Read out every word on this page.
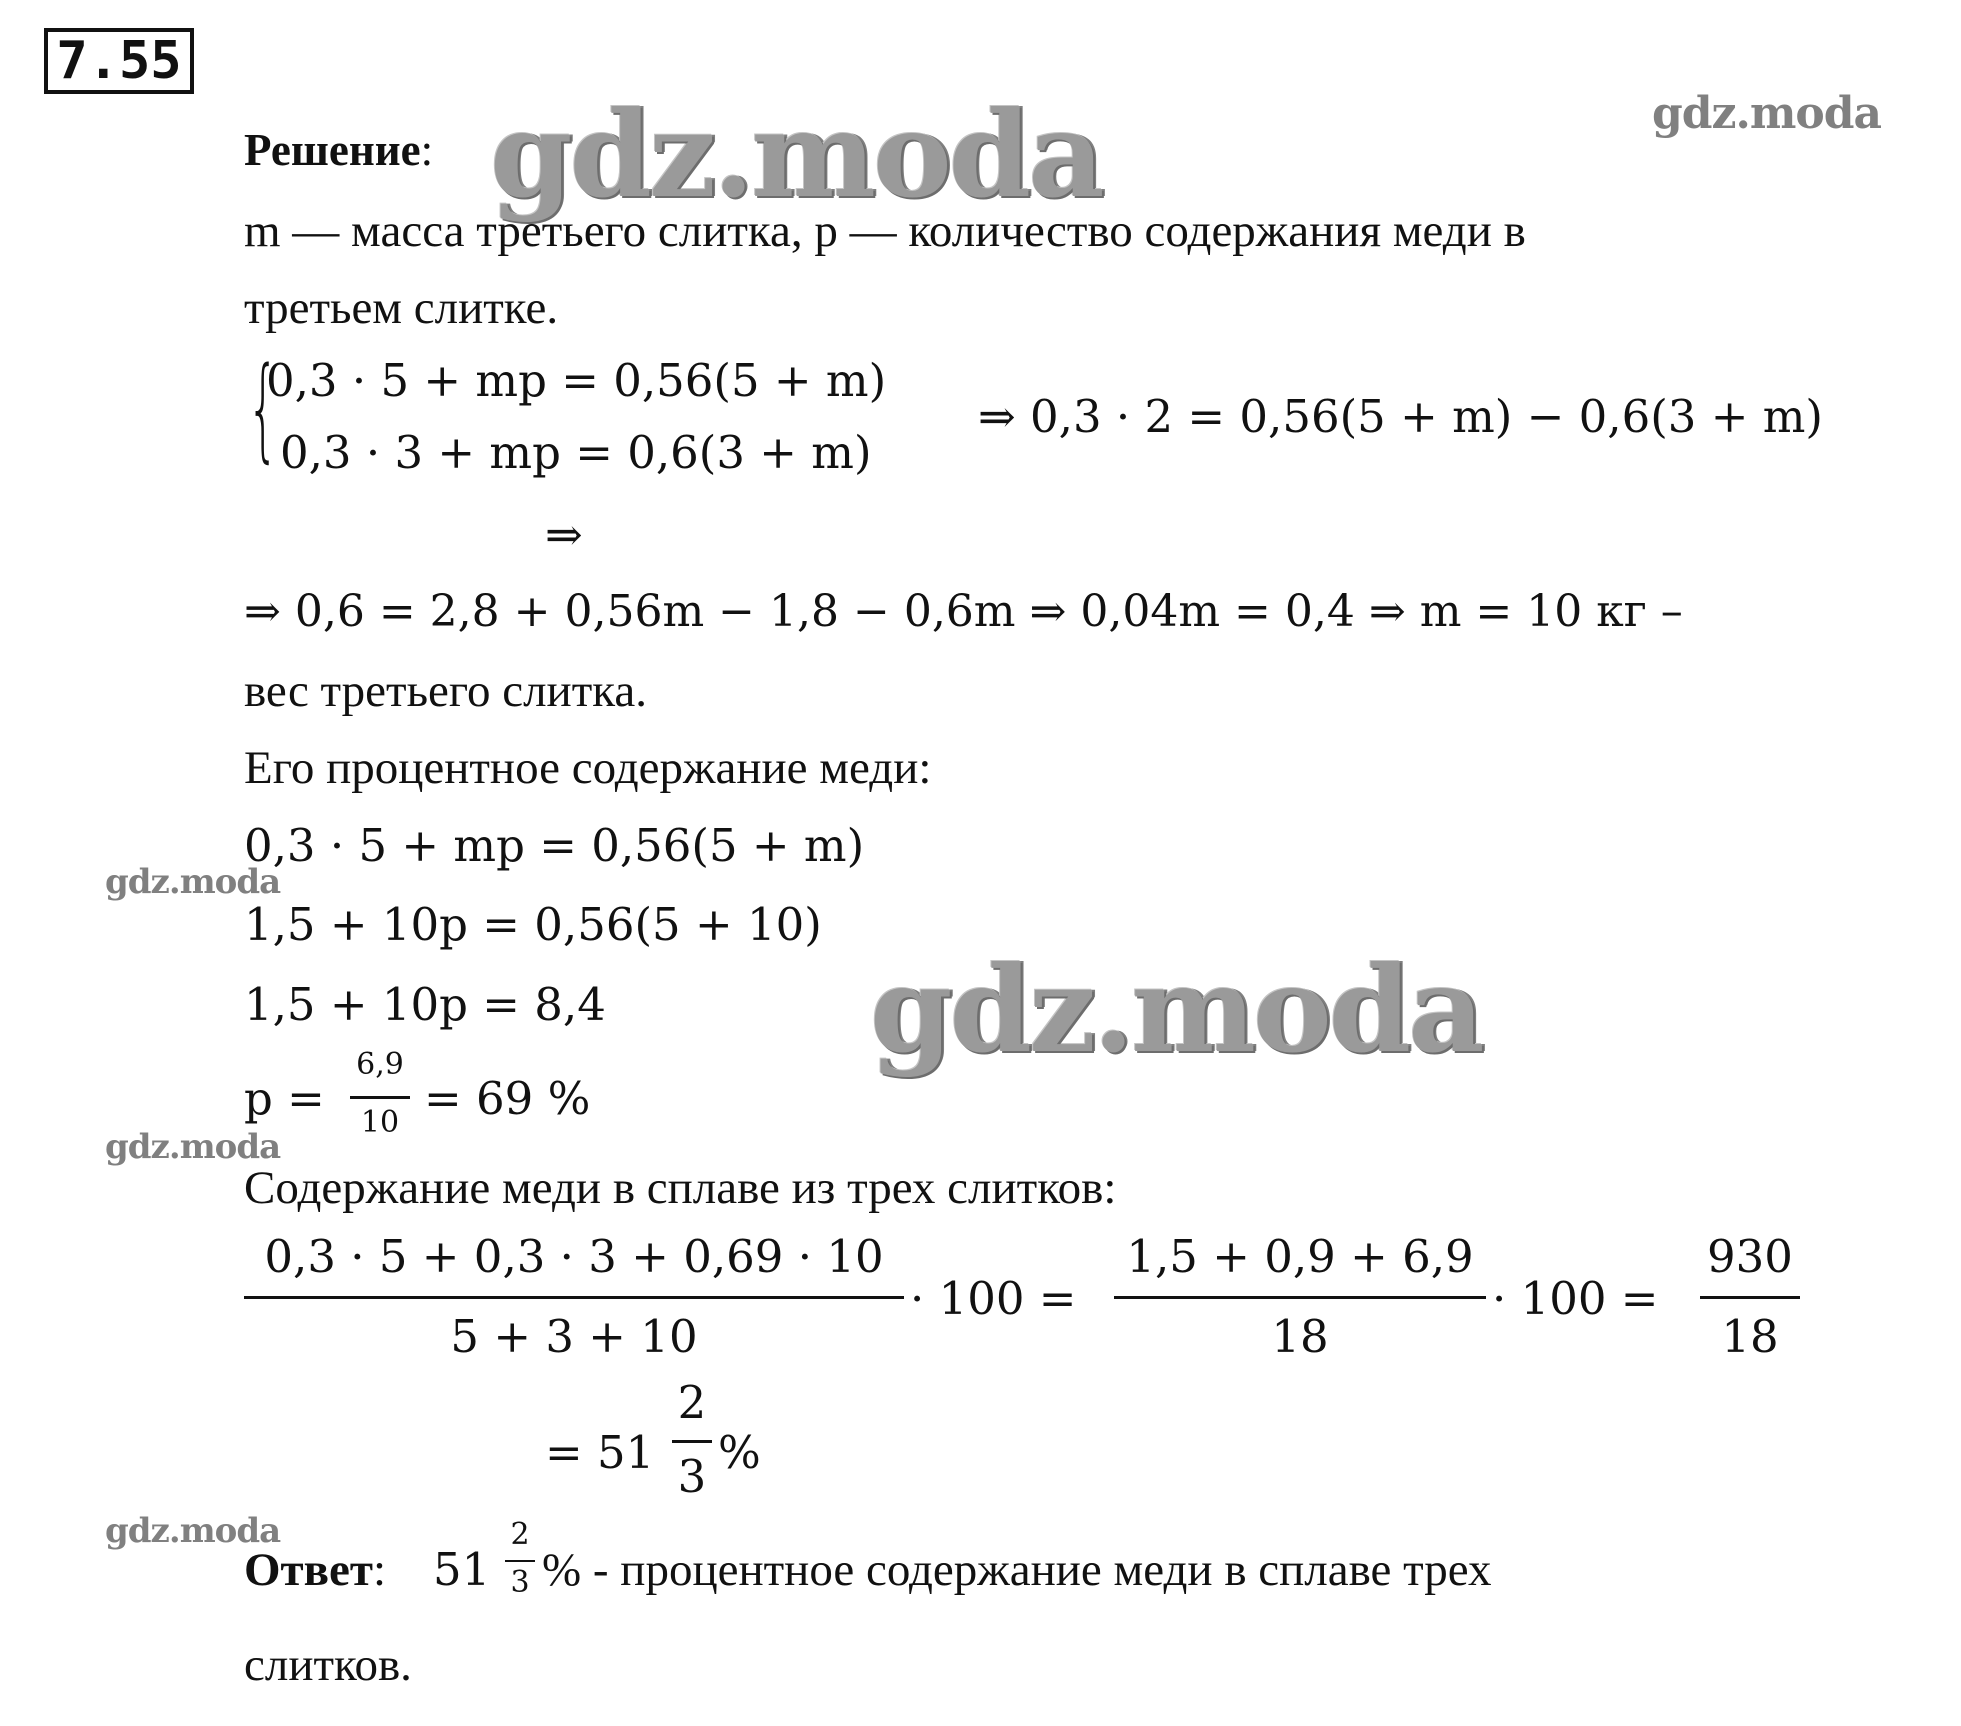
7.55
gdz.moda
gdz.moda
gdz.moda
gdz.moda
gdz.moda
gdz.moda
Решение:
m — масса третьего слитка, p — количество содержания меди в
третьем слитке.
{
0,3 · 5 + mp = 0,56(5 + m)
0,3 · 3 + mp = 0,6(3 + m)
⇒ 0,3 · 2 = 0,56(5 + m) − 0,6(3 + m)
⇒
⇒ 0,6 = 2,8 + 0,56m − 1,8 − 0,6m ⇒ 0,04m = 0,4 ⇒ m = 10 кг –
вес третьего слитка.
Его процентное содержание меди:
0,3 · 5 + mp = 0,56(5 + m)
1,5 + 10p = 0,56(5 + 10)
1,5 + 10p = 8,4
p =
6,9
10 = 69 %
Содержание меди в сплаве из трех слитков:
0,3 · 5 + 0,3 · 3 + 0,69 · 10
5 + 3 + 10
· 100 =
1,5 + 0,9 + 6,9
18
· 100 =
930
18
= 51
2
3 %
Ответ: 51
2
3 % - процентное содержание меди в сплаве трех
слитков.
